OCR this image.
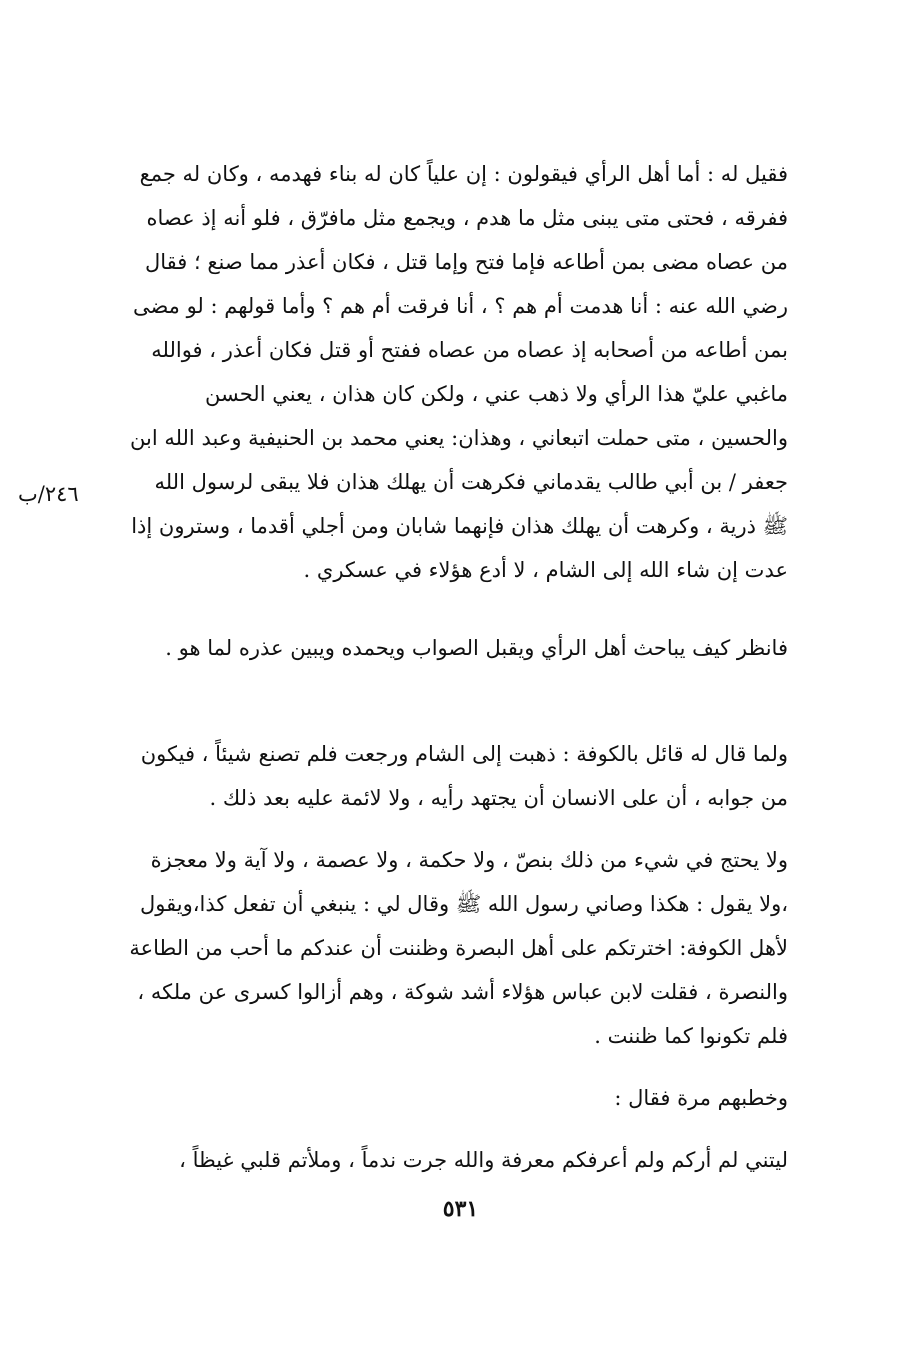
٢٤٦/ب

فقيل له : أما أهل الرأي فيقولون : إن علياً كان له بناء فهدمه ، وكان له جمع ففرقه ، فحتى متى يبنى مثل ما هدم ، ويجمع مثل مافرّق ، فلو أنه إذ عصاه من عصاه مضى بمن أطاعه فإما فتح وإما قتل ، فكان أعذر مما صنع ؛ فقال رضي الله عنه : أنا هدمت أم هم ؟ ، أنا فرقت أم هم ؟ وأما قولهم : لو مضى بمن أطاعه من أصحابه إذ عصاه من عصاه ففتح أو قتل فكان أعذر ، فوالله ماغبي عليّ هذا الرأي ولا ذهب عني ، ولكن كان هذان ، يعني الحسن والحسين ، متى حملت اتبعاني ، وهذان: يعني محمد بن الحنيفية وعبد الله ابن جعفر / بن أبي طالب يقدماني فكرهت أن يهلك هذان فلا يبقى لرسول الله ﷺ ذرية ، وكرهت أن يهلك هذان فإنهما شابان ومن أجلي أقدما ، وسترون إذا عدت إن شاء الله إلى الشام ، لا أدع هؤلاء في عسكري .

فانظر كيف يباحث أهل الرأي ويقبل الصواب ويحمده ويبين عذره لما هو .

ولما قال له قائل بالكوفة : ذهبت إلى الشام ورجعت فلم تصنع شيئاً ، فيكون من جوابه ، أن على الانسان أن يجتهد رأيه ، ولا لائمة عليه بعد ذلك .

ولا يحتج في شيء من ذلك بنصّ ، ولا حكمة ، ولا عصمة ، ولا آية ولا معجزة ،ولا يقول : هكذا وصاني رسول الله ﷺ وقال لي : ينبغي أن تفعل كذا،ويقول لأهل الكوفة: اخترتكم على أهل البصرة وظننت أن عندكم ما أحب من الطاعة والنصرة ، فقلت لابن عباس هؤلاء أشد شوكة ، وهم أزالوا كسرى عن ملكه ، فلم تكونوا كما ظننت .

وخطبهم مرة فقال :

ليتني لم أركم ولم أعرفكم معرفة والله جرت ندماً ، وملأتم قلبي غيظاً ،

٥٣١
